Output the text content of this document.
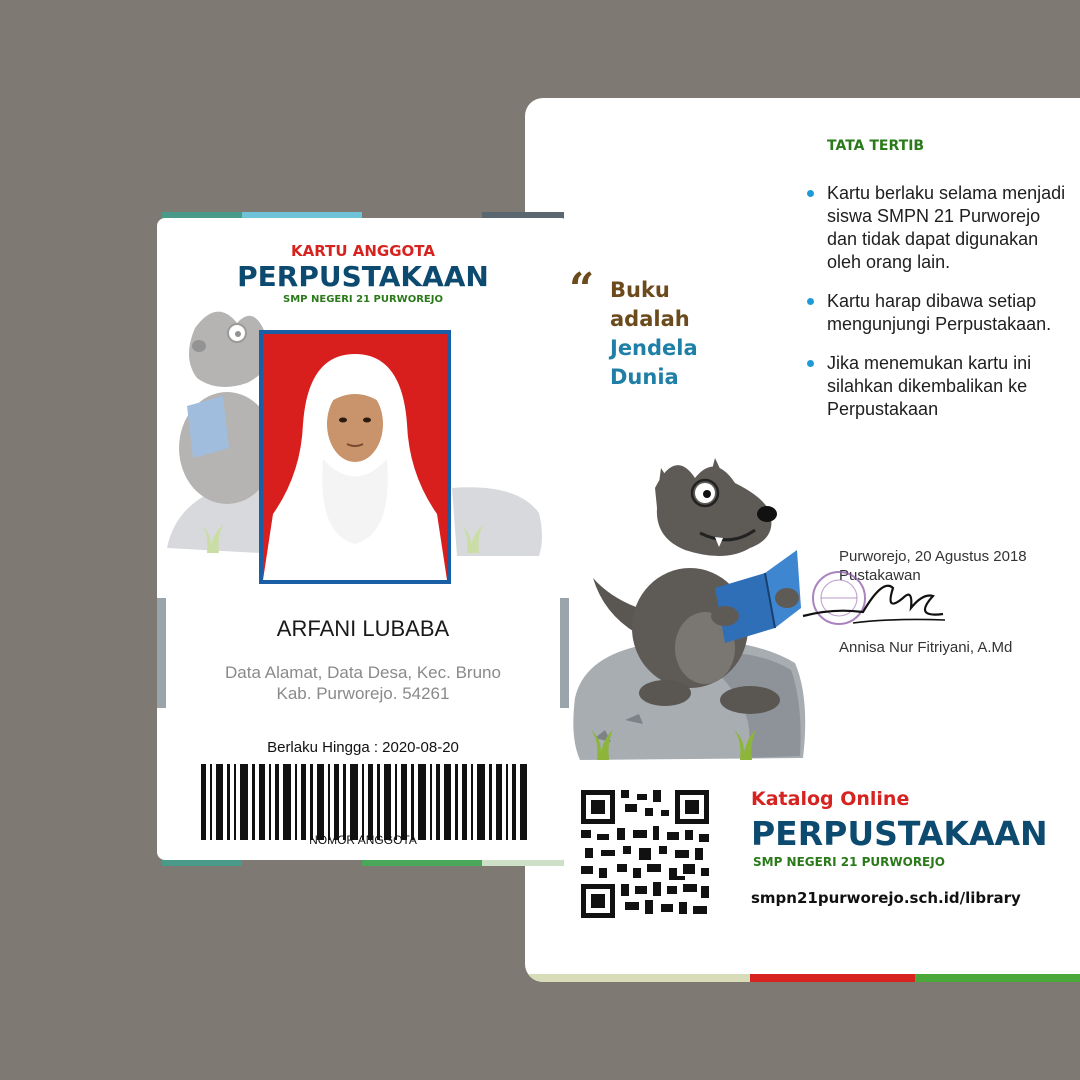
TATA TERTIB
Kartu berlaku selama menjadi siswa SMPN 21 Purworejo dan tidak dapat digunakan oleh orang lain.
Kartu harap dibawa setiap mengunjungi Perpustakaan.
Jika menemukan kartu ini silahkan dikembalikan ke Perpustakaan
“ Buku
adalah
Jendela
Dunia
Purworejo, 20 Agustus 2018
Pustakawan
Annisa Nur Fitriyani, A.Md
Katalog Online
PERPUSTAKAAN
SMP NEGERI 21 PURWOREJO
smpn21purworejo.sch.id/library
KARTU ANGGOTA
PERPUSTAKAAN
SMP NEGERI 21 PURWOREJO
ARFANI LUBABA
Data Alamat, Data Desa, Kec. Bruno
Kab. Purworejo. 54261
Berlaku Hingga : 2020-08-20
NOMOR ANGGOTA
